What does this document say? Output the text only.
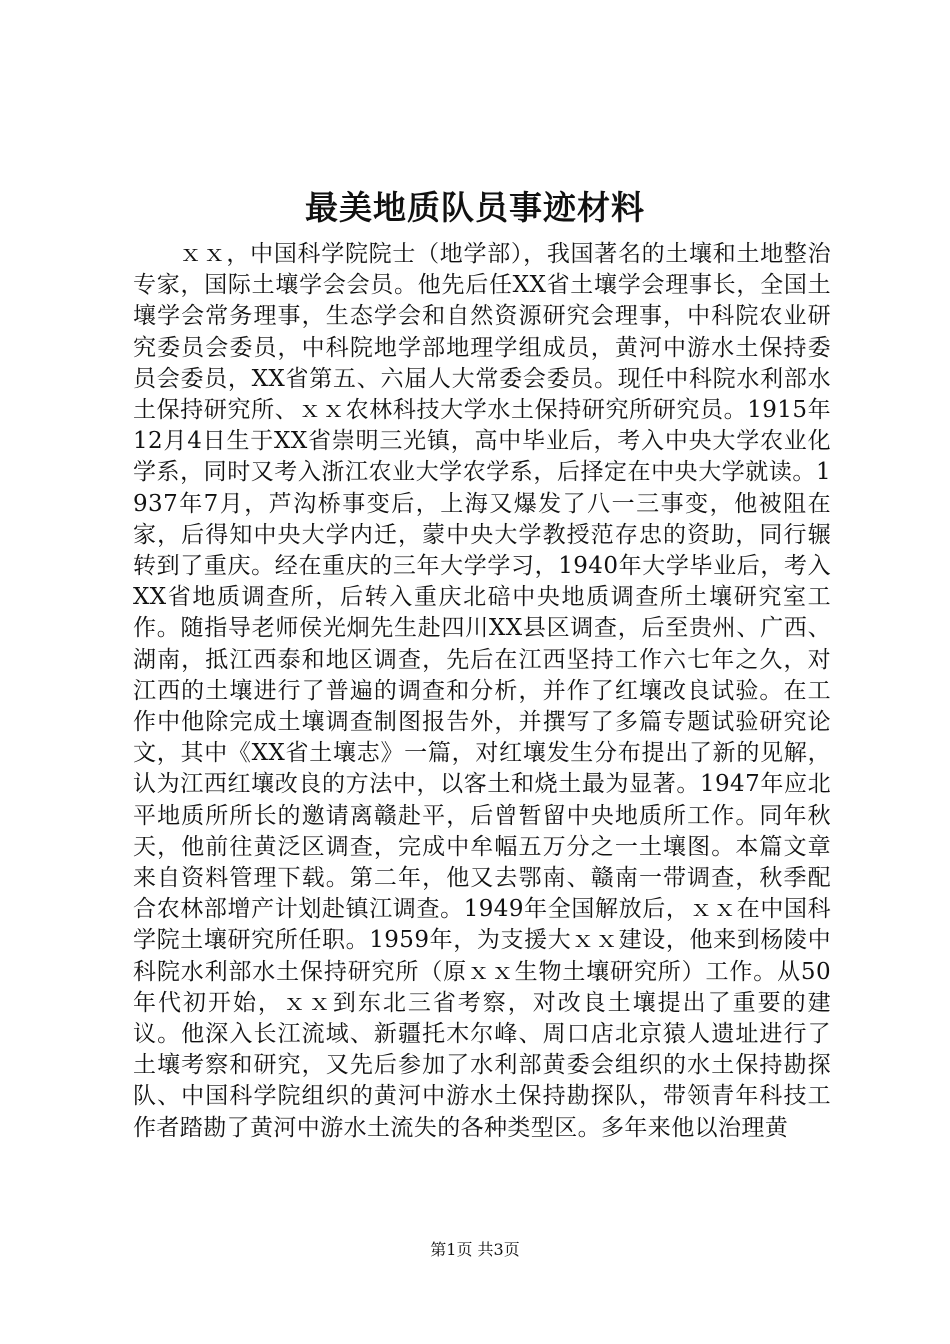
最美地质队员事迹材料

ｘｘ，中国科学院院士（地学部），我国著名的土壤和土地整治专家，国际土壤学会会员。他先后任XX省土壤学会理事长，全国土壤学会常务理事，生态学会和自然资源研究会理事，中科院农业研究委员会委员，中科院地学部地理学组成员，黄河中游水土保持委员会委员，XX省第五、六届人大常委会委员。现任中科院水利部水土保持研究所、ｘｘ农林科技大学水土保持研究所研究员。1915年12月4日生于XX省崇明三光镇，高中毕业后，考入中央大学农业化学系，同时又考入浙江农业大学农学系，后择定在中央大学就读。1937年7月，芦沟桥事变后，上海又爆发了八一三事变，他被阻在家，后得知中央大学内迁，蒙中央大学教授范存忠的资助，同行辗转到了重庆。经在重庆的三年大学学习，1940年大学毕业后，考入XX省地质调查所，后转入重庆北碚中央地质调查所土壤研究室工作。随指导老师侯光炯先生赴四川XX县区调查，后至贵州、广西、湖南，抵江西泰和地区调查，先后在江西坚持工作六七年之久，对江西的土壤进行了普遍的调查和分析，并作了红壤改良试验。在工作中他除完成土壤调查制图报告外，并撰写了多篇专题试验研究论文，其中《XX省土壤志》一篇，对红壤发生分布提出了新的见解，认为江西红壤改良的方法中，以客土和烧土最为显著。1947年应北平地质所所长的邀请离赣赴平，后曾暂留中央地质所工作。同年秋天，他前往黄泛区调查，完成中牟幅五万分之一土壤图。本篇文章来自资料管理下载。第二年，他又去鄂南、赣南一带调查，秋季配合农林部增产计划赴镇江调查。1949年全国解放后，ｘｘ在中国科学院土壤研究所任职。1959年，为支援大ｘｘ建设，他来到杨陵中科院水利部水土保持研究所（原ｘｘ生物土壤研究所）工作。从50年代初开始，ｘｘ到东北三省考察，对改良土壤提出了重要的建议。他深入长江流域、新疆托木尔峰、周口店北京猿人遗址进行了土壤考察和研究，又先后参加了水利部黄委会组织的水土保持勘探队、中国科学院组织的黄河中游水土保持勘探队，带领青年科技工作者踏勘了黄河中游水土流失的各种类型区。多年来他以治理黄

第1页 共3页
